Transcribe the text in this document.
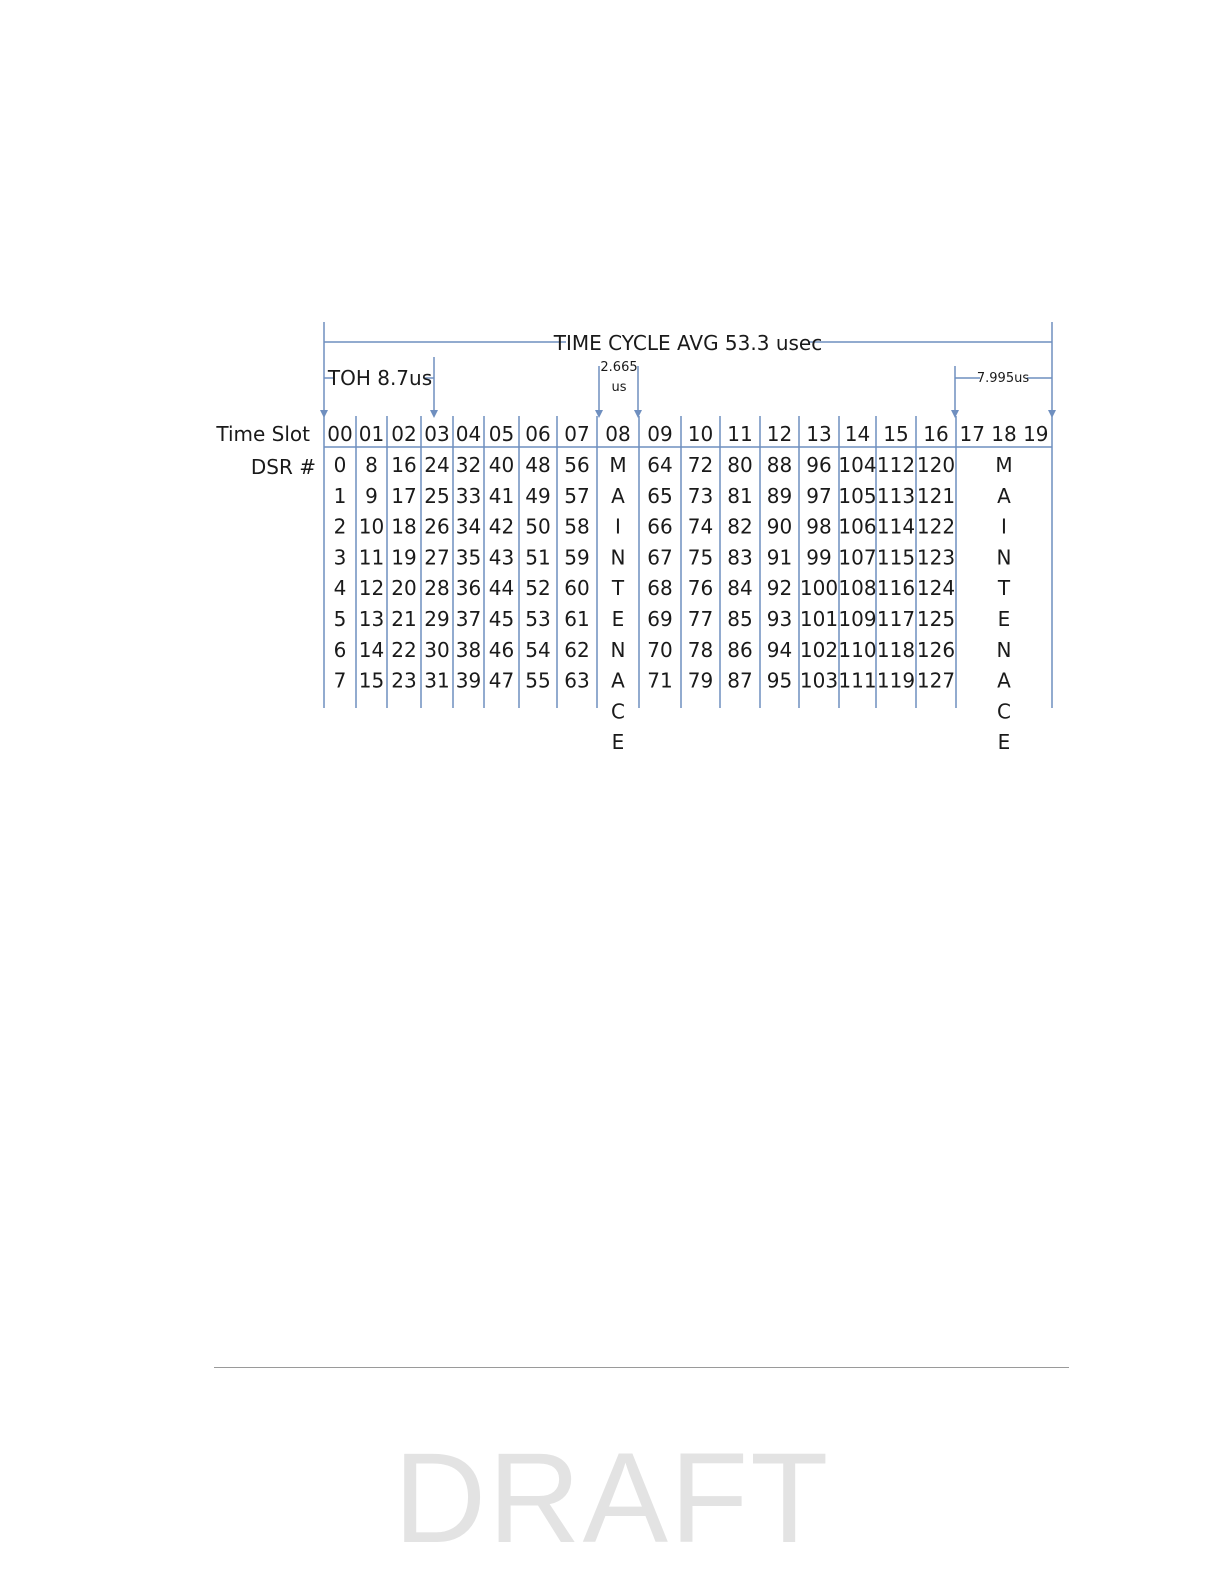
TIME CYCLE AVG 53.3 usec
TOH 8.7us	2.665
us
7.995us
Time Slot
DSR #
00 01 02 03 04 05 06 07 08 09 10 11 12 13 14 15 16 17 18 19
0
1
2
3
4
5
6
7
8
9
10
11
12
13
14
15
16
17
18
19
20
21
22
23
24
25
26
27
28
29
30
31
32
33
34
35
36
37
38
39
40
41
42
43
44
45
46
47
48
49
50
51
52
53
54
55
56
57
58
59
60
61
62
63
M
A
I
N
T
E
N
A
C
E
64
65
66
67
68
69
70
71
72
73
74
75
76
77
78
79
80
81
82
83
84
85
86
87
88
89
90
91
92
93
94
95
96
97
98
99
100
101
102
103
104
105
106
107
108
109
110
111
112
113
114
115
116
117
118
119
120
121
122
123
124
125
126
127
M
A
I
N
T
E
N
A
C
E
DRAFT
